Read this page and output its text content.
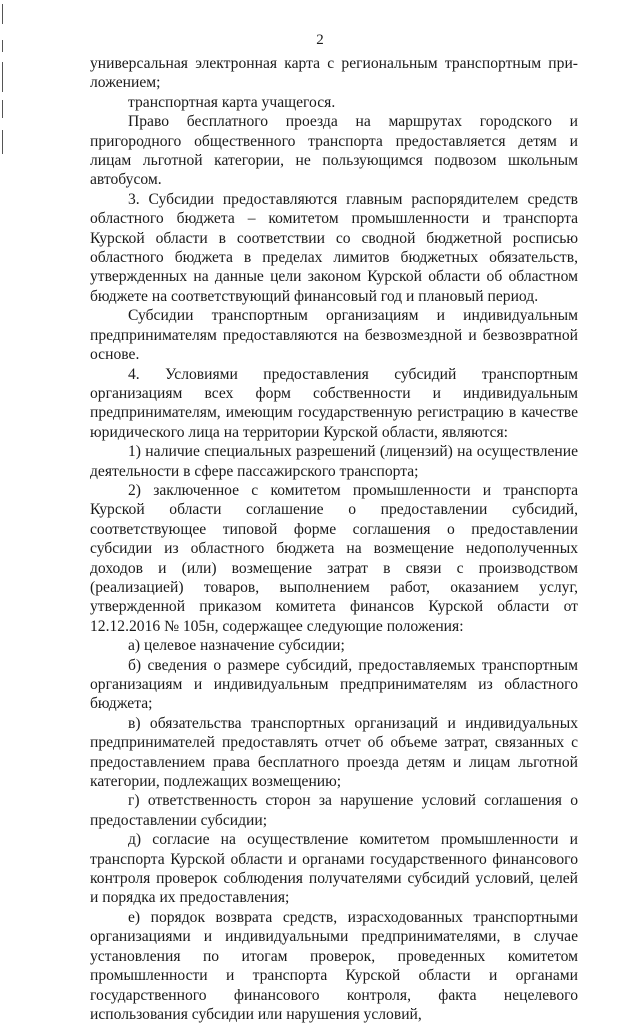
2

универсальная электронная карта с региональным транспортным приложением;

транспортная карта учащегося.

Право бесплатного проезда на маршрутах городского и пригородного общественного транспорта предоставляется детям и лицам льготной категории, не пользующимся подвозом школьным автобусом.

3. Субсидии предоставляются главным распорядителем средств областного бюджета – комитетом промышленности и транспорта Курской области в соответствии со сводной бюджетной росписью областного бюджета в пределах лимитов бюджетных обязательств, утвержденных на данные цели законом Курской области об областном бюджете на соответствующий финансовый год и плановый период.

Субсидии транспортным организациям и индивидуальным предпринимателям предоставляются на безвозмездной и безвозвратной основе.

4. Условиями предоставления субсидий транспортным организациям всех форм собственности и индивидуальным предпринимателям, имеющим государственную регистрацию в качестве юридического лица на территории Курской области, являются:

1) наличие специальных разрешений (лицензий) на осуществление деятельности в сфере пассажирского транспорта;

2) заключенное с комитетом промышленности и транспорта Курской области соглашение о предоставлении субсидий, соответствующее типовой форме соглашения о предоставлении субсидии из областного бюджета на возмещение недополученных доходов и (или) возмещение затрат в связи с производством (реализацией) товаров, выполнением работ, оказанием услуг, утвержденной приказом комитета финансов Курской области от 12.12.2016 № 105н, содержащее следующие положения:

а) целевое назначение субсидии;

б) сведения о размере субсидий, предоставляемых транспортным организациям и индивидуальным предпринимателям из областного бюджета;

в) обязательства транспортных организаций и индивидуальных предпринимателей предоставлять отчет об объеме затрат, связанных с предоставлением права бесплатного проезда детям и лицам льготной категории, подлежащих возмещению;

г) ответственность сторон за нарушение условий соглашения о предоставлении субсидии;

д) согласие на осуществление комитетом промышленности и транспорта Курской области и органами государственного финансового контроля проверок соблюдения получателями субсидий условий, целей и порядка их предоставления;

е) порядок возврата средств, израсходованных транспортными организациями и индивидуальными предпринимателями, в случае установления по итогам проверок, проведенных комитетом промышленности и транспорта Курской области и органами государственного финансового контроля, факта нецелевого использования субсидии или нарушения условий,
